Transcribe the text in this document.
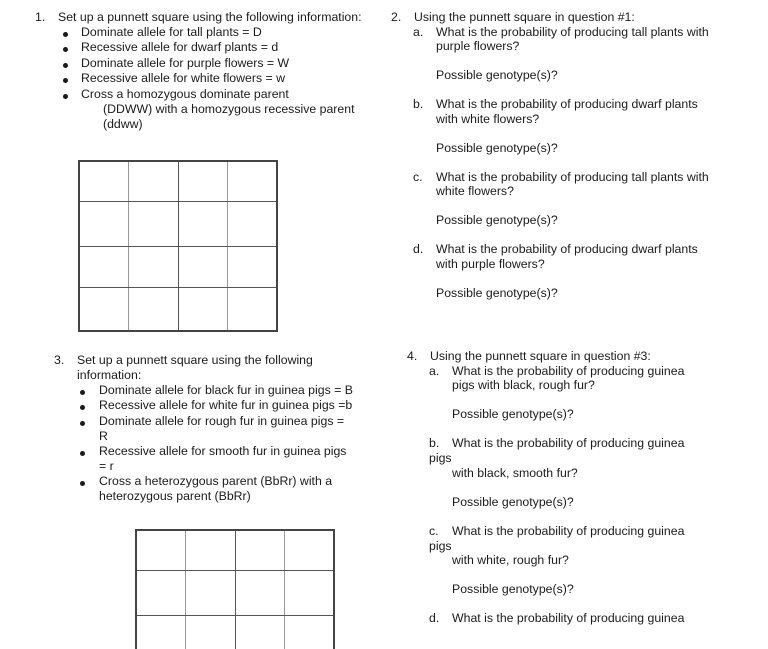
1. Set up a punnett square using the following information:
Dominate allele for tall plants = D
Recessive allele for dwarf plants = d
Dominate allele for purple flowers = W
Recessive allele for white flowers = w
Cross a homozygous dominate parent
(DDWW) with a homozygous recessive parent
(ddww)
2. Using the punnett square in question #1:
a. What is the probability of producing tall plants with
purple flowers?
Possible genotype(s)?
b. What is the probability of producing dwarf plants
with white flowers?
Possible genotype(s)?
c. What is the probability of producing tall plants with
white flowers?
Possible genotype(s)?
d. What is the probability of producing dwarf plants
with purple flowers?
Possible genotype(s)?
3. Set up a punnett square using the following
information:
Dominate allele for black fur in guinea pigs = B
Recessive allele for white fur in guinea pigs =b
Dominate allele for rough fur in guinea pigs =
R
Recessive allele for smooth fur in guinea pigs
= r
Cross a heterozygous parent (BbRr) with a
heterozygous parent (BbRr)
4. Using the punnett square in question #3:
a. What is the probability of producing guinea
pigs with black, rough fur?
Possible genotype(s)?
b. What is the probability of producing guinea
pigs
with black, smooth fur?
Possible genotype(s)?
c. What is the probability of producing guinea
pigs
with white, rough fur?
Possible genotype(s)?
d. What is the probability of producing guinea
